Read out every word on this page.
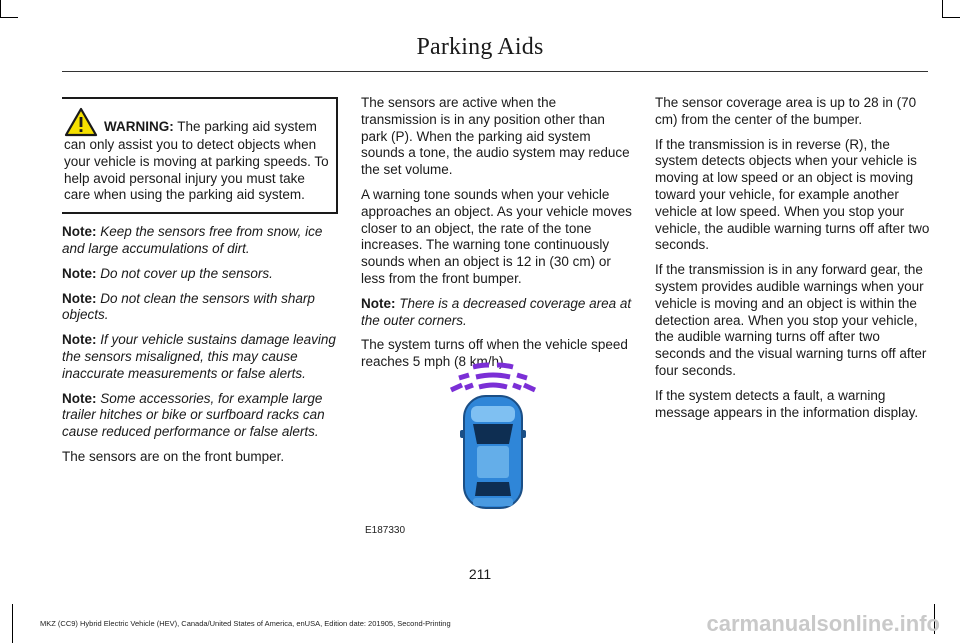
Parking Aids
WARNING: The parking aid system can only assist you to detect objects when your vehicle is moving at parking speeds. To help avoid personal injury you must take care when using the parking aid system.

Note: Keep the sensors free from snow, ice and large accumulations of dirt.

Note: Do not cover up the sensors.

Note: Do not clean the sensors with sharp objects.

Note: If your vehicle sustains damage leaving the sensors misaligned, this may cause inaccurate measurements or false alerts.

Note: Some accessories, for example large trailer hitches or bike or surfboard racks can cause reduced performance or false alerts.

The sensors are on the front bumper.

The sensors are active when the transmission is in any position other than park (P). When the parking aid system sounds a tone, the audio system may reduce the set volume.

A warning tone sounds when your vehicle approaches an object. As your vehicle moves closer to an object, the rate of the tone increases. The warning tone continuously sounds when an object is 12 in (30 cm) or less from the front bumper.

Note: There is a decreased coverage area at the outer corners.

The system turns off when the vehicle speed reaches 5 mph (8 km/h).

E187330

The sensor coverage area is up to 28 in (70 cm) from the center of the bumper.

If the transmission is in reverse (R), the system detects objects when your vehicle is moving at low speed or an object is moving toward your vehicle, for example another vehicle at low speed. When you stop your vehicle, the audible warning turns off after two seconds.

If the transmission is in any forward gear, the system provides audible warnings when your vehicle is moving and an object is within the detection area. When you stop your vehicle, the audible warning turns off after two seconds and the visual warning turns off after four seconds.

If the system detects a fault, a warning message appears in the information display.

211
MKZ (CC9) Hybrid Electric Vehicle (HEV), Canada/United States of America, enUSA, Edition date: 201905, Second-Printing	carmanualsonline.info
